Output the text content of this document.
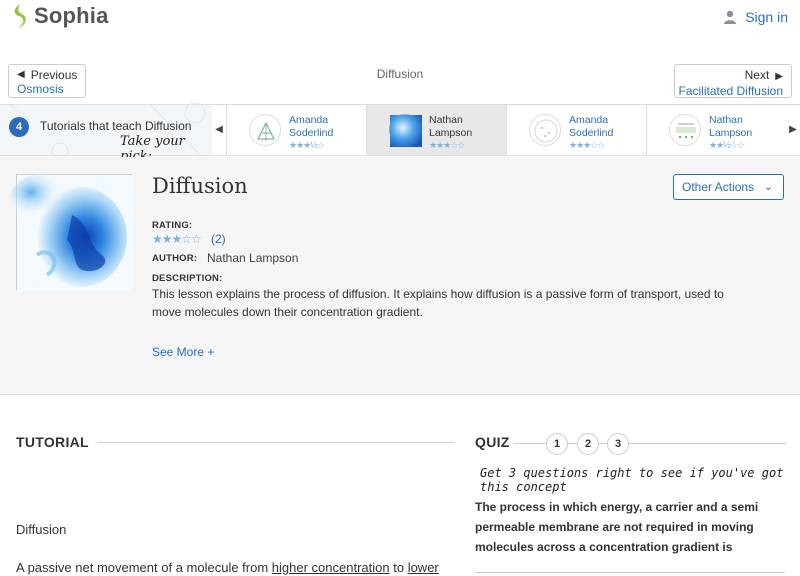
Sophia	Sign in
◀ Previous
Osmosis
Diffusion	Next ▶
Facilitated Diffusion
4	Tutorials that teach Diffusion
Take your
◀
Amanda
Soderlind
★★★½☆
Nathan
Lampson
★★★☆☆
Amanda
Soderlind
★★★☆☆
Nathan
Lampson
★★½☆☆
▶
Diffusion	Other Actions ⌄
RATING:
★★★☆☆ (2)
AUTHOR: Nathan Lampson
DESCRIPTION:
This lesson explains the process of diffusion. It explains how diffusion is a passive form of transport, used to move molecules down their concentration gradient.
See More +
TUTORIAL
Diffusion
A passive net movement of a molecule from higher concentration to lower
QUIZ	1	2	3
Get 3 questions right to see if you've got this concept
The process in which energy, a carrier and a semi permeable membrane are not required in moving molecules across a concentration gradient is
